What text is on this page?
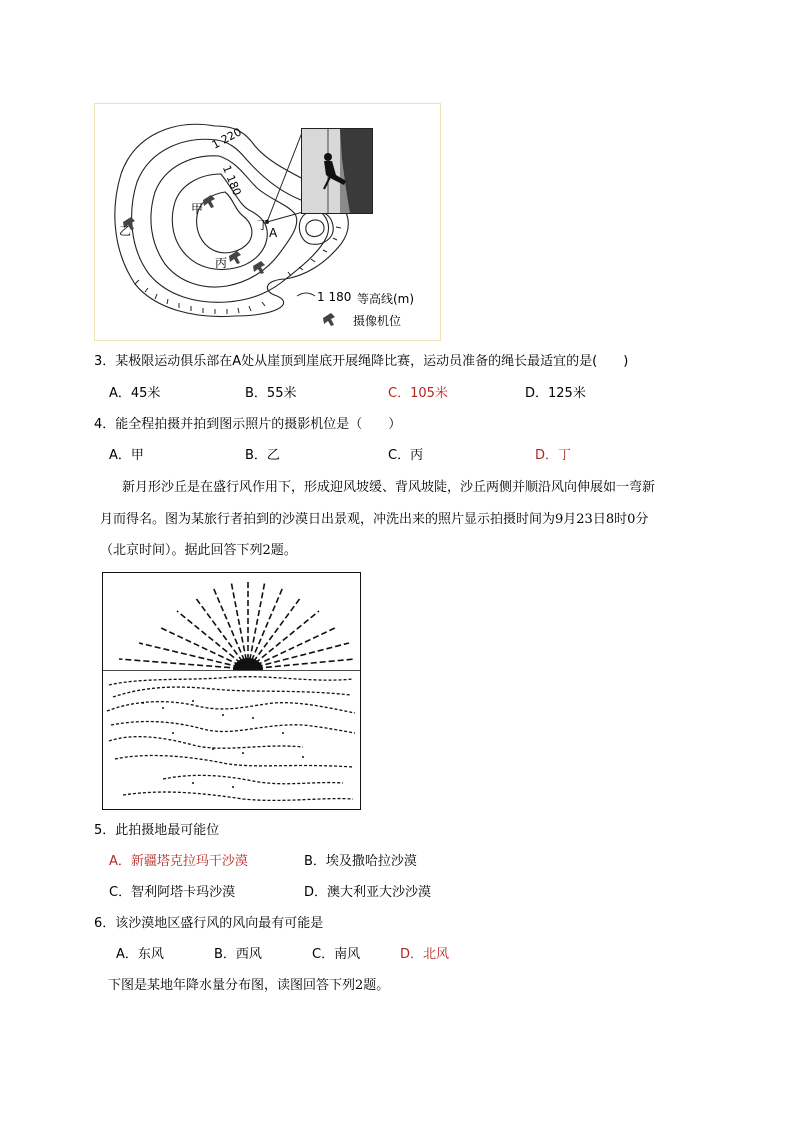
1 220
1 180
甲
乙
丙
丁
A
1 180 等高线(m)
摄像机位
3．某极限运动俱乐部在A处从崖顶到崖底开展绳降比赛，运动员准备的绳长最适宜的是(　　)
A．45米	B．55米	C．105米	D．125米
4．能全程拍摄并拍到图示照片的摄影机位是（　　）
A．甲	B．乙	C．丙	D．丁
新月形沙丘是在盛行风作用下，形成迎风坡缓、背风坡陡，沙丘两侧并顺沿风向伸展如一弯新
月而得名。图为某旅行者拍到的沙漠日出景观，冲洗出来的照片显示拍摄时间为9月23日8时0分
（北京时间）。据此回答下列2题。
5．此拍摄地最可能位
A．新疆塔克拉玛干沙漠	B．埃及撒哈拉沙漠
C．智利阿塔卡玛沙漠	D．澳大利亚大沙沙漠
6．该沙漠地区盛行风的风向最有可能是
A．东风	B．西风	C．南风	D．北风
下图是某地年降水量分布图，读图回答下列2题。
